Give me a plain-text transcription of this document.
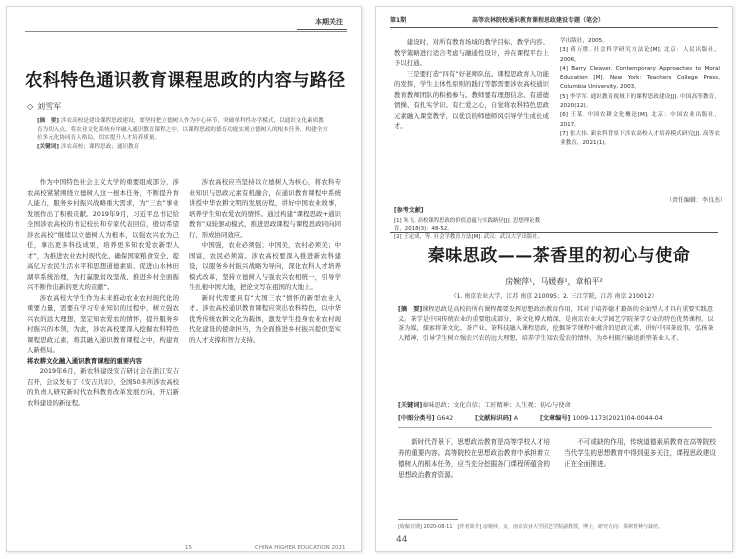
本期关注
农科特色通识教育课程思政的内容与路径
◇ 刘雪军
[摘　要] 涉农高校是建设课程思政建设，要坚持把立德树人作为中心环节，突破单科性办学模式，以通识文化素质教育为切入点，将农业文化系统有序融入通识教育课程之中，以课程思政的德育功能实现立德树人的根本任务，构建全方位多元化协同育人格局，切实提升人才培养质量。
[关键词] 涉农高校；课程思政；通识教育

作为中国特色社会主义大学的重要组成部分，涉农高校紧紧围绕立德树人这一根本任务，不断提升育人能力，服务乡村振兴战略重大需求，为“三农”事业发展作出了积极贡献。2019年9月，习近平总书记给全国涉农高校的书记校长和专家代表回信，殷切希望涉农高校“继续以立德树人为根本，以强农兴农为己任，拿出更多科技成果，培养更多知农爱农新型人才”，为推进农业农村现代化、确保国家粮食安全、提高亿万农民生活水平和思想道德素质、促进山水林田湖草系统治理，为打赢脱贫攻坚战、推进乡村全面振兴不断作出新的更大的贡献”。

涉农高校大学生作为未来推动农业农村现代化的重要力量，需要在学习专业知识的过程中，树立强农兴农的远大理想，坚定知农爱农的情怀，提升服务乡村振兴的本领，为此，涉农高校要深入挖掘农科特色课程思政元素，将其融入通识教育课程之中，构建育人新格局。

将农耕文化融入通识教育课程的重要内容

2019年6月，新农科建设安吉研讨会在浙江安吉召开，会议发布了《安吉共识》，全国50多所涉农高校的负责人研究新时代农科教育改革发展方向，开启新农科建设的新征程。

涉农高校应当坚持以立德树人为核心，将农科专业知识与思政元素有机融合，在通识教育课程中系统讲授中华农耕文明的发展历程，讲好中国农业故事，培养学生知农爱农的情怀。通过构建“课程思政+通识教育”双轮驱动模式，推进思政课程与课程思政同向同行，形成协同效应。

中国强，农业必须强；中国美，农村必须美；中国富，农民必须富。涉农高校要深入推进新农科建设，以服务乡村振兴战略为导向，深化农科人才培养模式改革，坚持立德树人与强农兴农相统一，引导学生扎根中国大地，把论文写在祖国的大地上。

新时代需要具有“大国三农”情怀的新型农业人才。涉农高校通识教育课程应突出农科特色，以中华优秀传统农耕文化为载体，激发学生投身农业农村现代化建设的使命担当，为全面推进乡村振兴提供坚实的人才支撑和智力支持。

15	CHINA HIGHER EDUCATION 2021
第1期	高等农林院校通识教育课程思政建设专题（笔会）

建设时，对所有教育场域的教学目标、教学内容、教学策略进行适合考虑与融通性设计，并在课程平台上予以打通。

三是要打造“四有”好老师队伍。课程思政育人功能的发挥，学生主体性原则的践行等都需要涉农高校通识教育教师团队的积极参与。教师要有理想信念、有道德情操、有扎实学识、有仁爱之心，自觉将农科特色思政元素融入课堂教学，以优良的师德师风引导学生成长成才。

学出版社，2005。

[3] 蒋万胜. 社会科学研究方法论[M]. 北京：人民出版社，2006。

[4] Barry Cleaver. Contemporary Approaches to Moral Education [M]. New York: Teachers College Press, Columbia University, 2003。

[5] 李学军. 通识教育视域下的课程思政建设[J]. 中国高等教育，2020(12)。

[6] 王某. 中国农耕文化概论[M]. 北京：中国农业出版社，2017。

[7] 张大伟. 新农科背景下涉农高校人才培养模式研究[J]. 高等农业教育，2021(1)。

（责任编辑：李良杰）
[参考文献]
[1] 朱飞. 高校课程思政的价值意蕴与实践路径[J]. 思想理论教育，2018(3)：48-52。
[2] 王定成，等. 社会学教育方法[M]. 武汉：武汉大学出版社。
秦味思政——茶香里的初心与使命
房婉萍¹，马媛春¹，章柏平²
（1. 南京农业大学，江苏 南京 210095；2. 三江学院，江苏 南京 210012）
[摘　要]课程思政是高校的所有课程都要发挥思想政治教育作用，其对于培养德才兼备的全面型人才具有重要实践意义。茶学是中国传统农业的重要组成部分，茶文化博大精深，是南京农业大学园艺学院茶学专业的特色优势课程。以茶为媒，探索将茶文化、茶产业、茶科技融入课程思政，挖掘茶学课程中蕴含的思政元素，讲好中国茶故事，弘扬茶人精神，引导学生树立强农兴农的远大理想，培养学生知农爱农的情怀，为乡村振兴输送新型茶业人才。
[关键词]秦味思政；文化自信；工匠精神；人生观；初心与使命
[中图分类号] G642	[文献标识码] A	[文章编号] 1009-1173(2021)04-0044-04

新时代背景下，思想政治教育是高等学校人才培养的重要内容。高等院校在思想政治教育中承担着立德树人的根本任务，应当充分挖掘各门课程所蕴含的思想政治教育资源。

不可或缺的作用，传统道德素质教育在高等院校当代学生的思想教育中得到更多关注，课程思政建设正在全面推进。

[收稿日期] 2020-08-11　[作者简介] 房婉萍，女，南京农业大学园艺学院副教授，博士，研究方向：茶树育种与栽培。
44
